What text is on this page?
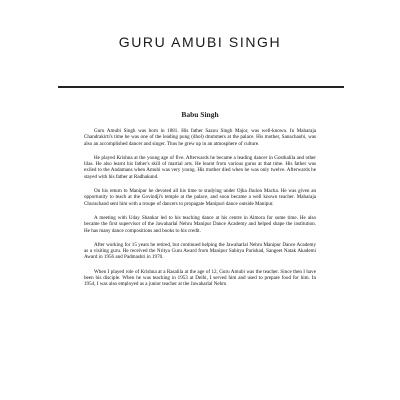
GURU AMUBI SINGH
Babu Singh

Guru Amubi Singh was born in 1881. His father Sazou Singh Major, was well-known. In Maharaja Chandrakirti's time he was one of the leading pung (dhol) drummers at the palace. His mother, Sanachaobi, was also an accomplished dancer and singer. Thus he grew up in an atmosphere of culture.

He played Krishna at the young age of five. Afterwards he became a leading dancer in Gosthalila and other lilas. He also learnt his father's skill of martial arts. He learnt from various gurus at that time. His father was exiled to the Andamans when Amubi was very young. His mother died when he was only twelve. Afterwards he stayed with his father at Radhakund.

On his return to Manipur he devoted all his time to studying under Ojha Jhulon Macha. He was given an opportunity to teach at the Govindji's temple at the palace, and soon became a well known teacher. Maharaja Churachand sent him with a troupe of dancers to propagate Manipuri dance outside Manipur.

A meeting with Uday Shankar led to his teaching dance at his centre in Almora for some time. He also became the first supervisor of the Jawaharlal Nehru Manipur Dance Academy and helped shape the institution. He has many dance compositions and books to his credit.

After working for 15 years he retired, but continued helping the Jawaharlal Nehru Manipur Dance Academy as a visiting guru. He received the Nritya Guru Award from Manipur Sahitya Parishad, Sangeet Natak Akademi Award in 1956 and Padmashri in 1970.

When I played role of Krishna at a Rasalila at the age of 12, Guru Amubi was the teacher. Since then I have been his disciple. When he was teaching in 1953 at Delhi, I served him and used to prepare food for him. In 1954, I was also employed as a junior teacher at the Jawaharlal Nehru
